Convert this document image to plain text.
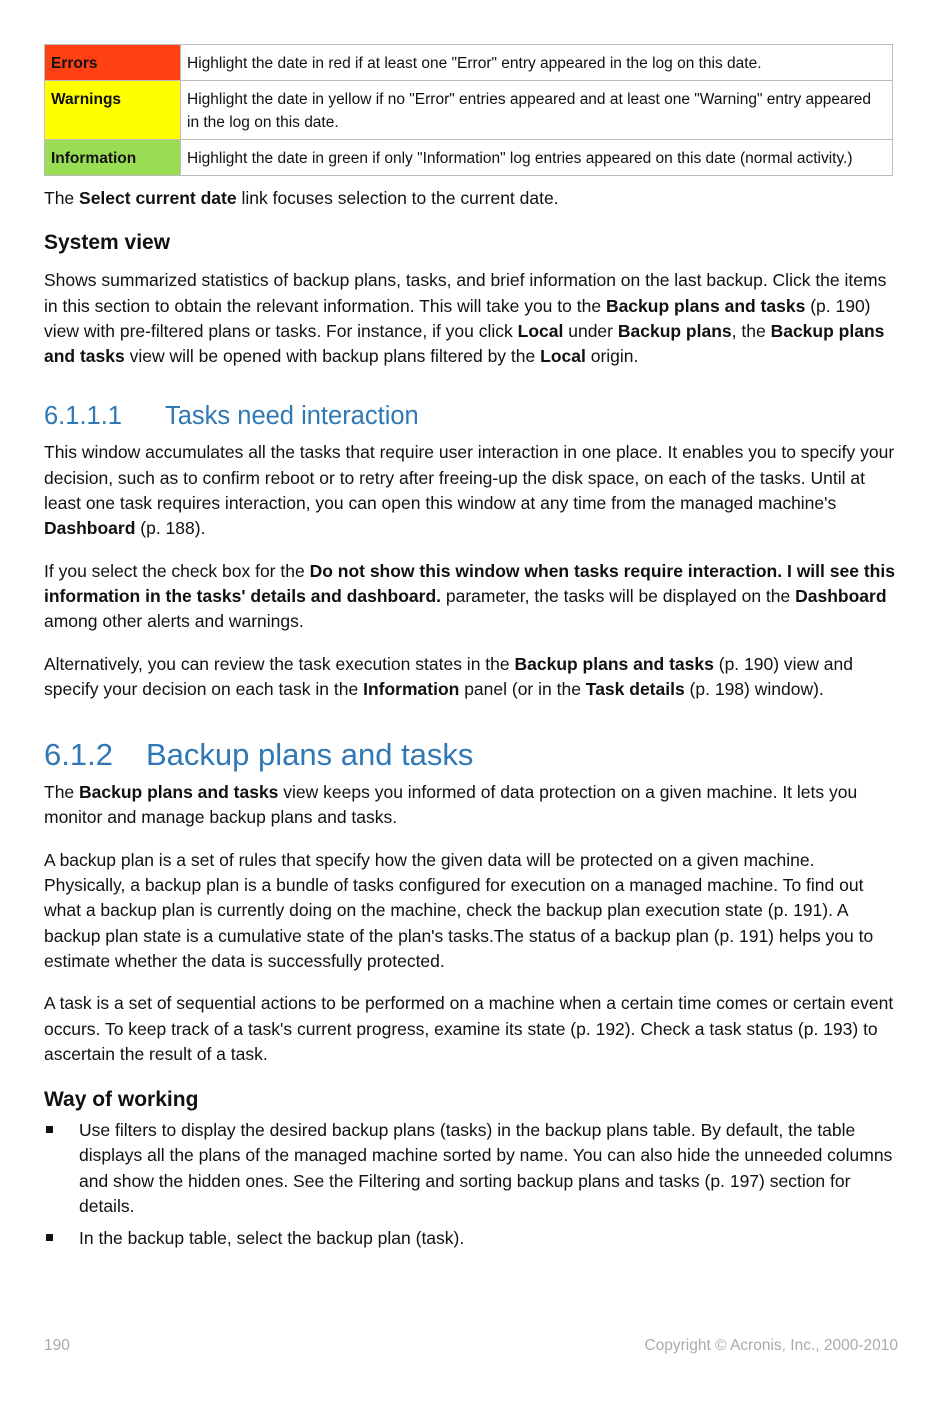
Errors	Highlight the date in red if at least one "Error" entry appeared in the log on this date.
Warnings	Highlight the date in yellow if no "Error" entries appeared and at least one "Warning" entry appeared in the log on this date.
Information	Highlight the date in green if only "Information" log entries appeared on this date (normal activity.)

The Select current date link focuses selection to the current date.

System view

Shows summarized statistics of backup plans, tasks, and brief information on the last backup. Click the items in this section to obtain the relevant information. This will take you to the Backup plans and tasks (p. 190) view with pre-filtered plans or tasks. For instance, if you click Local under Backup plans, the Backup plans and tasks view will be opened with backup plans filtered by the Local origin.

6.1.1.1 Tasks need interaction

This window accumulates all the tasks that require user interaction in one place. It enables you to specify your decision, such as to confirm reboot or to retry after freeing-up the disk space, on each of the tasks. Until at least one task requires interaction, you can open this window at any time from the managed machine's Dashboard (p. 188).

If you select the check box for the Do not show this window when tasks require interaction. I will see this information in the tasks' details and dashboard. parameter, the tasks will be displayed on the Dashboard among other alerts and warnings.

Alternatively, you can review the task execution states in the Backup plans and tasks (p. 190) view and specify your decision on each task in the Information panel (or in the Task details (p. 198) window).

6.1.2 Backup plans and tasks

The Backup plans and tasks view keeps you informed of data protection on a given machine. It lets you monitor and manage backup plans and tasks.

A backup plan is a set of rules that specify how the given data will be protected on a given machine. Physically, a backup plan is a bundle of tasks configured for execution on a managed machine. To find out what a backup plan is currently doing on the machine, check the backup plan execution state (p. 191). A backup plan state is a cumulative state of the plan's tasks.The status of a backup plan (p. 191) helps you to estimate whether the data is successfully protected.

A task is a set of sequential actions to be performed on a machine when a certain time comes or certain event occurs. To keep track of a task's current progress, examine its state (p. 192). Check a task status (p. 193) to ascertain the result of a task.

Way of working
Use filters to display the desired backup plans (tasks) in the backup plans table. By default, the table displays all the plans of the managed machine sorted by name. You can also hide the unneeded columns and show the hidden ones. See the Filtering and sorting backup plans and tasks (p. 197) section for details.
In the backup table, select the backup plan (task).
190	Copyright © Acronis, Inc., 2000-2010
